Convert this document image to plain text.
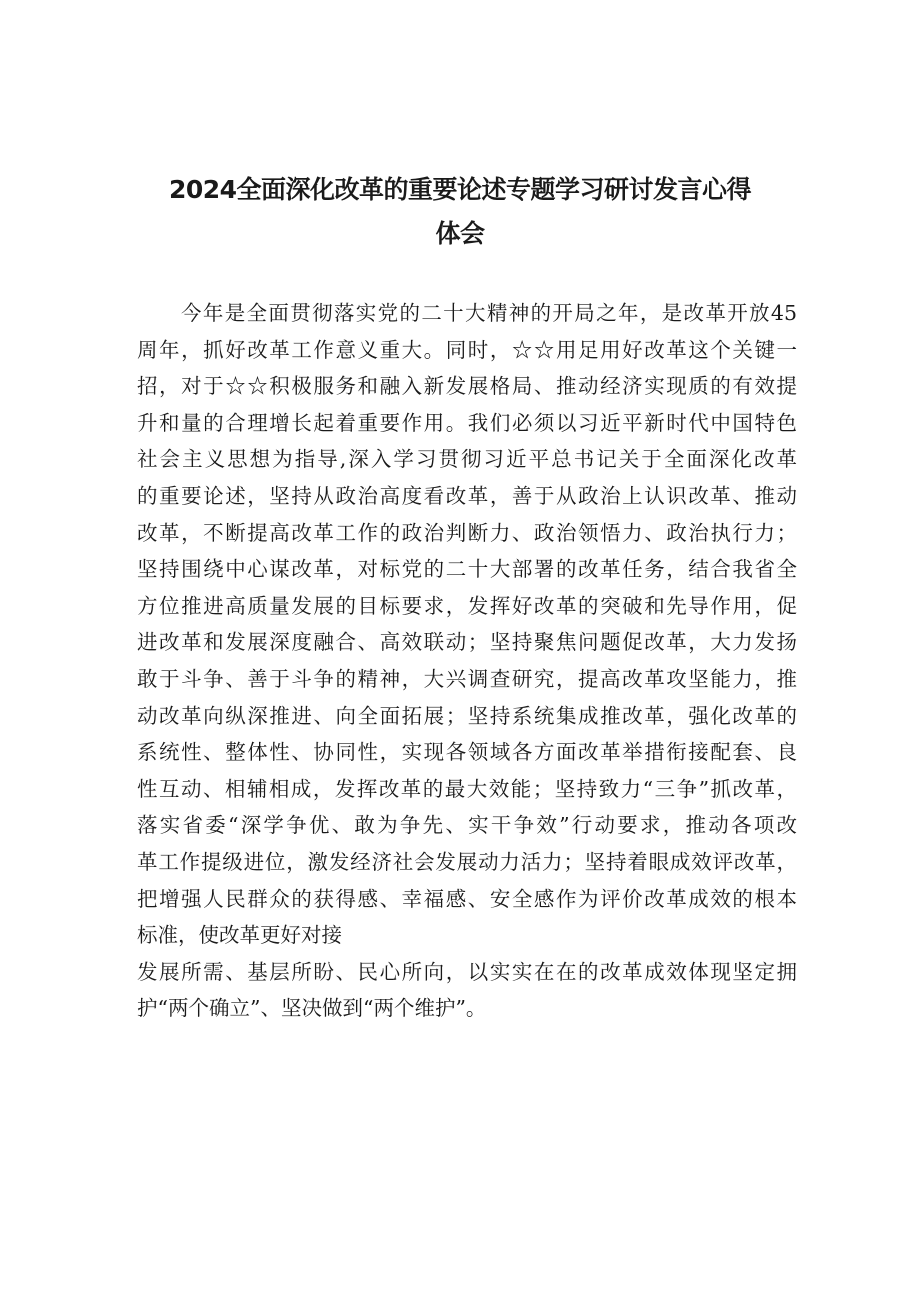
2024全面深化改革的重要论述专题学习研讨发言心得
体会
今年是全面贯彻落实党的二十大精神的开局之年，是改革开放45
周年，抓好改革工作意义重大。同时，☆☆用足用好改革这个关键一
招，对于☆☆积极服务和融入新发展格局、推动经济实现质的有效提
升和量的合理增长起着重要作用。我们必须以习近平新时代中国特色
社会主义思想为指导,深入学习贯彻习近平总书记关于全面深化改革
的重要论述，坚持从政治高度看改革，善于从政治上认识改革、推动
改革，不断提高改革工作的政治判断力、政治领悟力、政治执行力；
坚持围绕中心谋改革，对标党的二十大部署的改革任务，结合我省全
方位推进高质量发展的目标要求，发挥好改革的突破和先导作用，促
进改革和发展深度融合、高效联动；坚持聚焦问题促改革，大力发扬
敢于斗争、善于斗争的精神，大兴调查研究，提高改革攻坚能力，推
动改革向纵深推进、向全面拓展；坚持系统集成推改革，强化改革的
系统性、整体性、协同性，实现各领域各方面改革举措衔接配套、良
性互动、相辅相成，发挥改革的最大效能；坚持致力“三争”抓改革，
落实省委“深学争优、敢为争先、实干争效”行动要求，推动各项改
革工作提级进位，激发经济社会发展动力活力；坚持着眼成效评改革，
把增强人民群众的获得感、幸福感、安全感作为评价改革成效的根本
标准，使改革更好对接
发展所需、基层所盼、民心所向，以实实在在的改革成效体现坚定拥
护“两个确立”、坚决做到“两个维护”。
